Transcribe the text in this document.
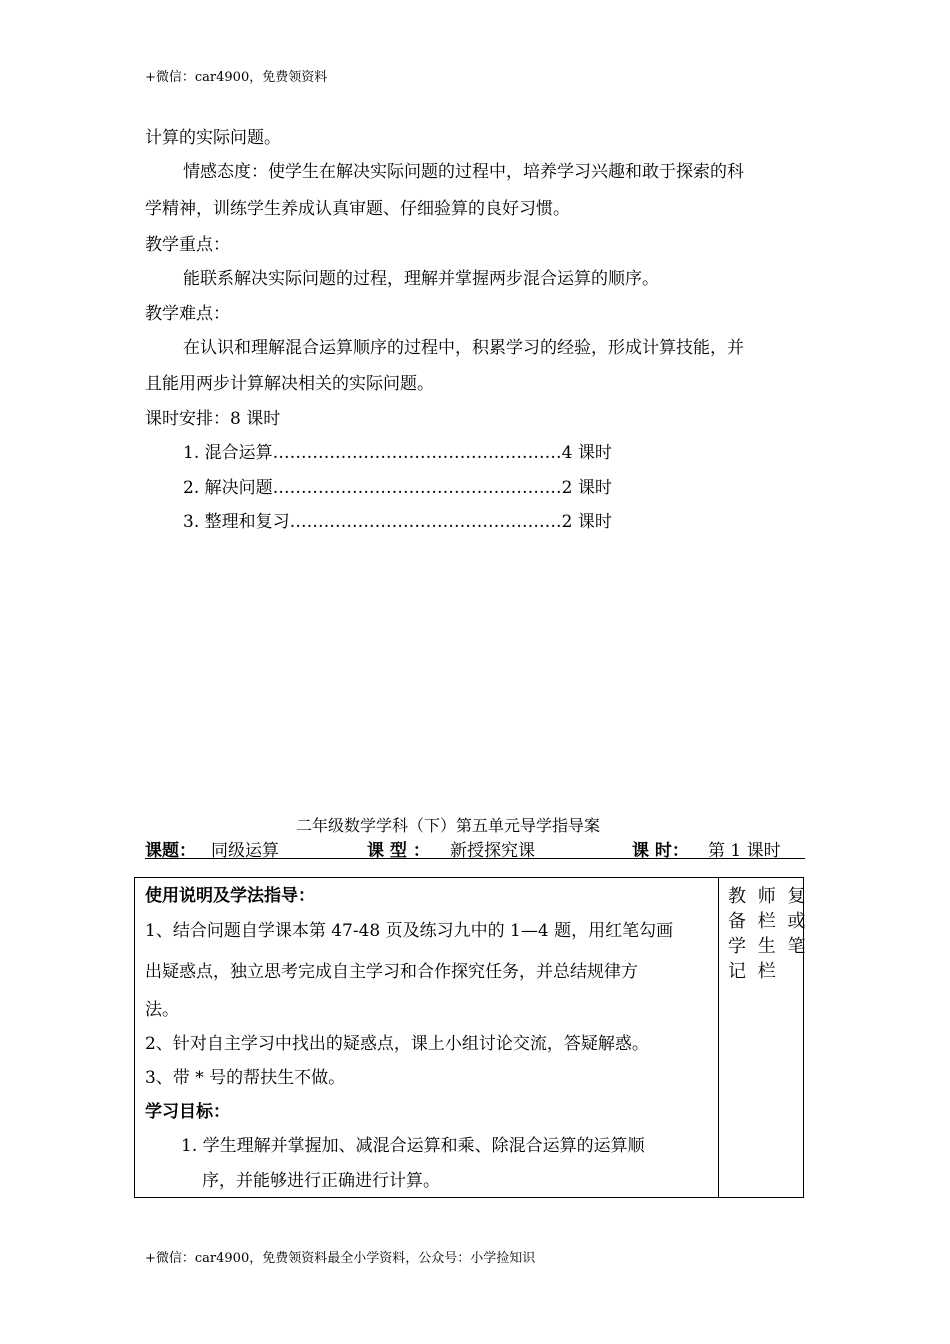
+微信：car4900，免费领资料
计算的实际问题。
情感态度：使学生在解决实际问题的过程中，培养学习兴趣和敢于探索的科
学精神，训练学生养成认真审题、仔细验算的良好习惯。
教学重点：
能联系解决实际问题的过程，理解并掌握两步混合运算的顺序。
教学难点：
在认识和理解混合运算顺序的过程中，积累学习的经验，形成计算技能，并
且能用两步计算解决相关的实际问题。
课时安排：8 课时
1. 混合运算……………………………………………4 课时
2. 解决问题……………………………………………2 课时
3. 整理和复习…………………………………………2 课时
二年级数学学科（下）第五单元导学指导案
课题： 同级运算	课 型 ： 新授探究课	课 时： 第 1 课时
使用说明及学法指导：
1、结合问题自学课本第 47-48 页及练习九中的 1—4 题，用红笔勾画
出疑惑点，独立思考完成自主学习和合作探究任务，并总结规律方
法。
2、针对自主学习中找出的疑惑点，课上小组讨论交流，答疑解惑。
3、带 * 号的帮扶生不做。
学习目标：
1. 学生理解并掌握加、减混合运算和乘、除混合运算的运算顺
序，并能够进行正确进行计算。
教 师 复
备 栏 或
学 生 笔
记 栏
+微信：car4900，免费领资料最全小学资料，公众号：小学捡知识
